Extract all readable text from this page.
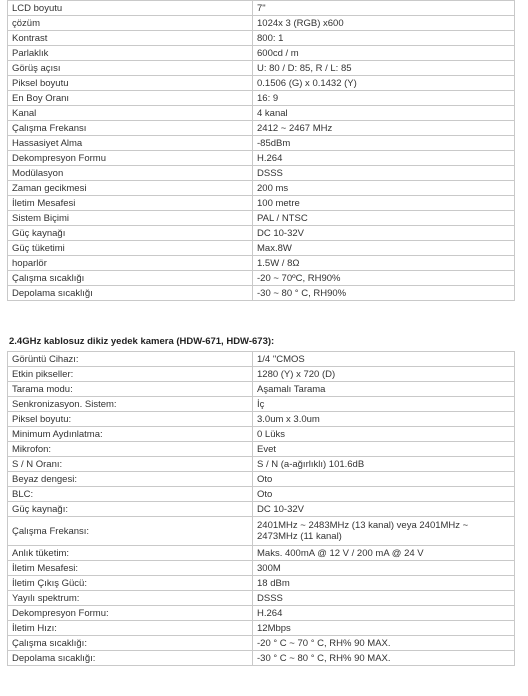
LCD boyutu	7"
çözüm	1024x 3 (RGB) x600
Kontrast	800: 1
Parlaklık	600cd / m
Görüş açısı	U: 80 / D: 85, R / L: 85
Piksel boyutu	0.1506 (G) x 0.1432 (Y)
En Boy Oranı	16: 9
Kanal	4 kanal
Çalışma Frekansı	2412 ~ 2467 MHz
Hassasiyet Alma	-85dBm
Dekompresyon Formu	H.264
Modülasyon	DSSS
Zaman gecikmesi	200 ms
İletim Mesafesi	100 metre
Sistem Biçimi	PAL / NTSC
Güç kaynağı	DC 10-32V
Güç tüketimi	Max.8W
hoparlör	1.5W / 8Ω
Çalışma sıcaklığı	-20 ~ 70ºC, RH90%
Depolama sıcaklığı	-30 ~ 80 ° C, RH90%
2.4GHz kablosuz dikiz yedek kamera (HDW-671, HDW-673):
Görüntü Cihazı:	1/4 "CMOS
Etkin pikseller:	1280 (Y) x 720 (D)
Tarama modu:	Aşamalı Tarama
Senkronizasyon. Sistem:	İç
Piksel boyutu:	3.0um x 3.0um
Minimum Aydınlatma:	0 Lüks
Mikrofon:	Evet
S / N Oranı:	S / N (a-ağırlıklı) 101.6dB
Beyaz dengesi:	Oto
BLC:	Oto
Güç kaynağı:	DC 10-32V
Çalışma Frekansı:	2401MHz ~ 2483MHz (13 kanal) veya 2401MHz ~ 2473MHz (11 kanal)
Anlık tüketim:	Maks. 400mA @ 12 V / 200 mA @ 24 V
İletim Mesafesi:	300M
İletim Çıkış Gücü:	18 dBm
Yayılı spektrum:	DSSS
Dekompresyon Formu:	H.264
İletim Hızı:	12Mbps
Çalışma sıcaklığı:	-20 ° C ~ 70 ° C, RH% 90 MAX.
Depolama sıcaklığı:	-30 ° C ~ 80 ° C, RH% 90 MAX.
